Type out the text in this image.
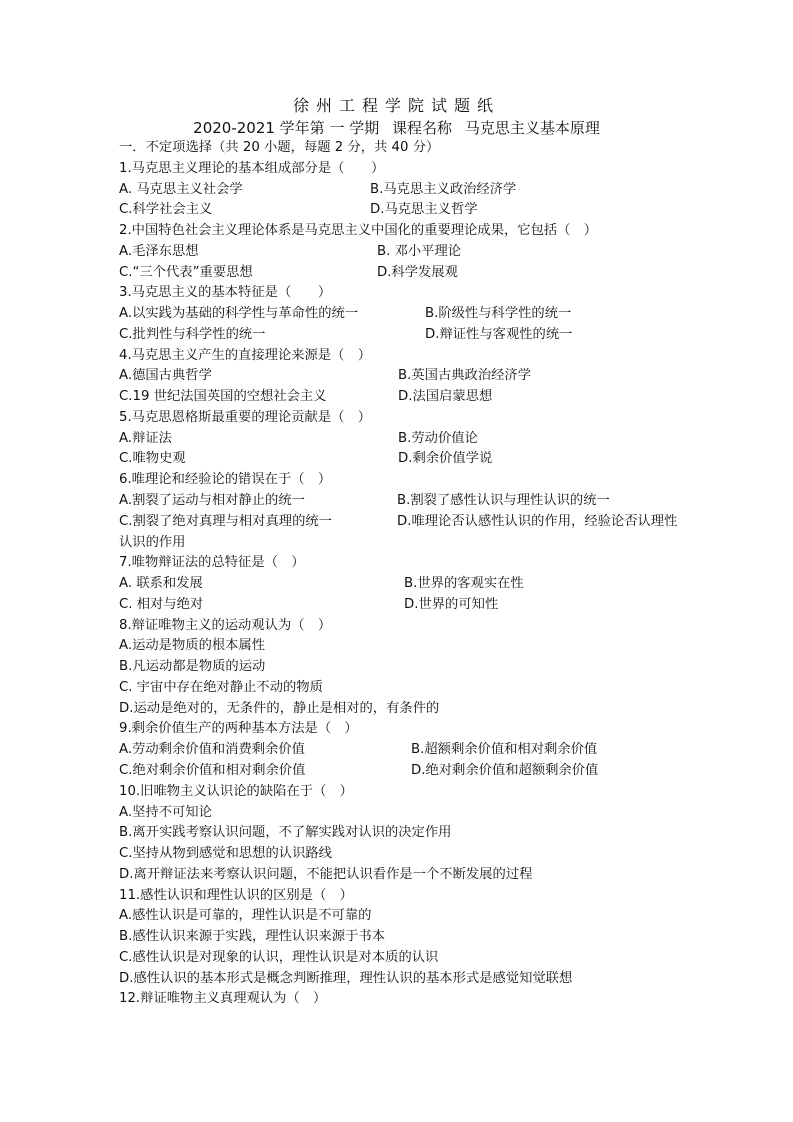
徐州工程学院试题纸
2020-2021 学年第 一 学期 课程名称 马克思主义基本原理
一．不定项选择（共 20 小题，每题 2 分，共 40 分）
1.马克思主义理论的基本组成部分是（　　）
A. 马克思主义社会学	B.马克思主义政治经济学
C.科学社会主义	D.马克思主义哲学
2.中国特色社会主义理论体系是马克思主义中国化的重要理论成果，它包括（　）
A.毛泽东思想	B. 邓小平理论
C.“三个代表”重要思想	D.科学发展观
3.马克思主义的基本特征是（　　）
A.以实践为基础的科学性与革命性的统一	B.阶级性与科学性的统一
C.批判性与科学性的统一	D.辩证性与客观性的统一
4.马克思主义产生的直接理论来源是（　）
A.德国古典哲学	B.英国古典政治经济学
C.19 世纪法国英国的空想社会主义	D.法国启蒙思想
5.马克思恩格斯最重要的理论贡献是（　）
A.辩证法	B.劳动价值论
C.唯物史观	D.剩余价值学说
6.唯理论和经验论的错误在于（　）
A.割裂了运动与相对静止的统一	B.割裂了感性认识与理性认识的统一
C.割裂了绝对真理与相对真理的统一	D.唯理论否认感性认识的作用，经验论否认理性认识的作用
7.唯物辩证法的总特征是（　）
A. 联系和发展	B.世界的客观实在性
C. 相对与绝对	D.世界的可知性
8.辩证唯物主义的运动观认为（　）
A.运动是物质的根本属性
B.凡运动都是物质的运动
C. 宇宙中存在绝对静止不动的物质
D.运动是绝对的，无条件的，静止是相对的，有条件的
9.剩余价值生产的两种基本方法是（　）
A.劳动剩余价值和消费剩余价值	B.超额剩余价值和相对剩余价值
C.绝对剩余价值和相对剩余价值	D.绝对剩余价值和超额剩余价值
10.旧唯物主义认识论的缺陷在于（　）
A.坚持不可知论
B.离开实践考察认识问题，不了解实践对认识的决定作用
C.坚持从物到感觉和思想的认识路线
D.离开辩证法来考察认识问题，不能把认识看作是一个不断发展的过程
11.感性认识和理性认识的区别是（　）
A.感性认识是可靠的，理性认识是不可靠的
B.感性认识来源于实践，理性认识来源于书本
C.感性认识是对现象的认识，理性认识是对本质的认识
D.感性认识的基本形式是概念判断推理，理性认识的基本形式是感觉知觉联想
12.辩证唯物主义真理观认为（　）
